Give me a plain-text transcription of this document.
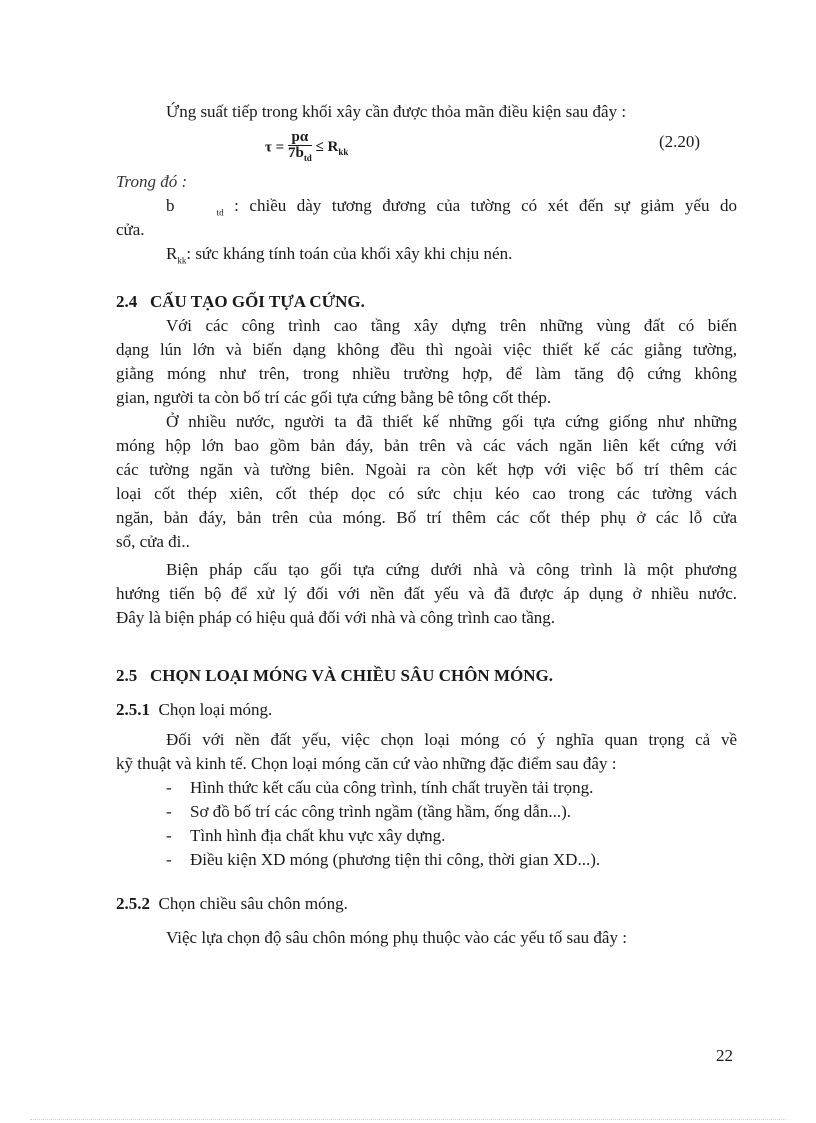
Ứng suất tiếp trong khối xây cần được thỏa mãn điều kiện sau đây :
$\tau = \frac{p\alpha}{7b_{td}} \le R_{kk}$
(2.20)
Trong đó :
b	$_{td}$ : chiều dày tương đương của tường có xét đến sự giảm yếu do
cửa.
$R_{kk}$: sức kháng tính toán của khối xây khi chịu nén.
2.4 CẤU TẠO GỐI TỰA CỨNG.
Với các công trình cao tầng xây dựng trên những vùng đất có biến
dạng lún lớn và biến dạng không đều thì ngoài việc thiết kế các giằng tường,
giằng móng như trên, trong nhiều trường hợp, để làm tăng độ cứng không
gian, người ta còn bố trí các gối tựa cứng bằng bê tông cốt thép.
Ở nhiều nước, người ta đã thiết kế những gối tựa cứng giống như những
móng hộp lớn bao gồm bản đáy, bản trên và các vách ngăn liên kết cứng với
các tường ngăn và tường biên. Ngoài ra còn kết hợp với việc bố trí thêm các
loại cốt thép xiên, cốt thép dọc có sức chịu kéo cao trong các tường vách
ngăn, bản đáy, bản trên của móng. Bố trí thêm các cốt thép phụ ở các lỗ cửa
sổ, cửa đi..
Biện pháp cấu tạo gối tựa cứng dưới nhà và công trình là một phương
hướng tiến bộ để xử lý đối với nền đất yếu và đã được áp dụng ở nhiều nước.
Đây là biện pháp có hiệu quả đối với nhà và công trình cao tầng.
2.5 CHỌN LOẠI MÓNG VÀ CHIỀU SÂU CHÔN MÓNG.
2.5.1 Chọn loại móng.
Đối với nền đất yếu, việc chọn loại móng có ý nghĩa quan trọng cả về
kỹ thuật và kinh tế. Chọn loại móng căn cứ vào những đặc điểm sau đây :
- Hình thức kết cấu của công trình, tính chất truyền tải trọng.
- Sơ đồ bố trí các công trình ngầm (tầng hầm, ống dẫn...).
- Tình hình địa chất khu vực xây dựng.
- Điều kiện XD móng (phương tiện thi công, thời gian XD...).
2.5.2 Chọn chiều sâu chôn móng.
Việc lựa chọn độ sâu chôn móng phụ thuộc vào các yếu tố sau đây :
22
